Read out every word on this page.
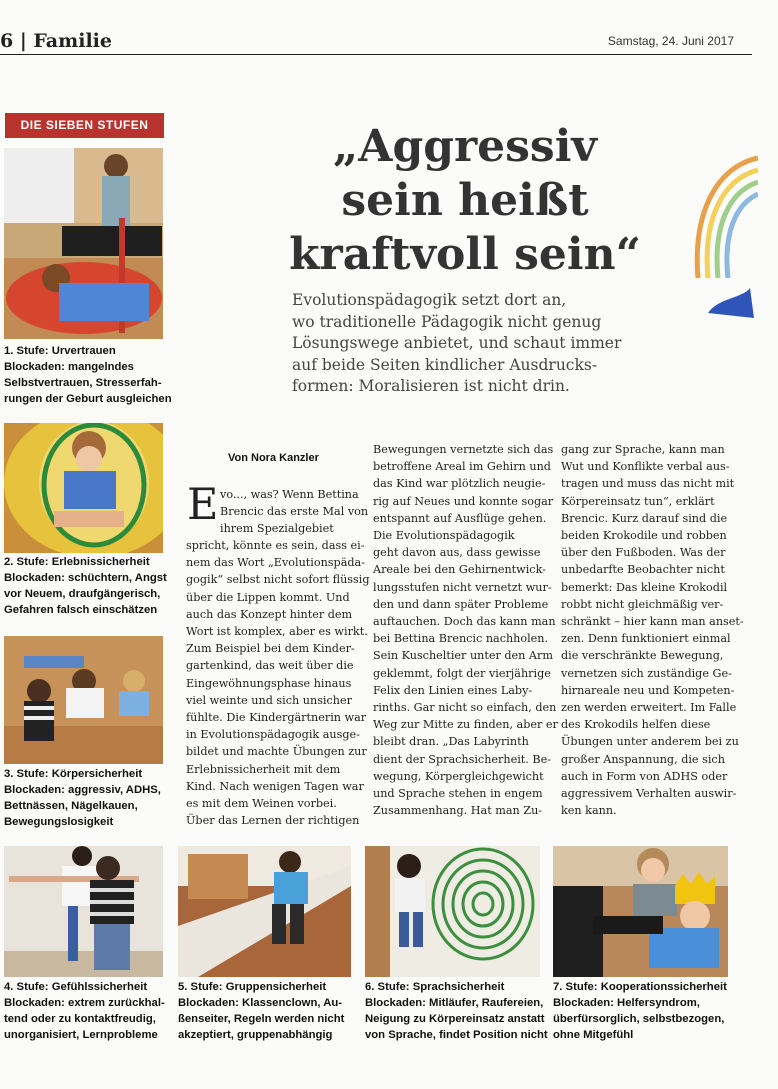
6 | Familie	Samstag, 24. Juni 2017
DIE SIEBEN STUFEN
1. Stufe: Urvertrauen
Blockaden: mangelndes
Selbstvertrauen, Stresserfah-
rungen der Geburt ausgleichen
2. Stufe: Erlebnissicherheit
Blockaden: schüchtern, Angst
vor Neuem, draufgängerisch,
Gefahren falsch einschätzen
3. Stufe: Körpersicherheit
Blockaden: aggressiv, ADHS,
Bettnässen, Nägelkauen,
Bewegungslosigkeit
4. Stufe: Gefühlssicherheit
Blockaden: extrem zurückhal-
tend oder zu kontaktfreudig,
unorganisiert, Lernprobleme
5. Stufe: Gruppensicherheit
Blockaden: Klassenclown, Au-
ßenseiter, Regeln werden nicht
akzeptiert, gruppenabhängig
6. Stufe: Sprachsicherheit
Blockaden: Mitläufer, Raufereien,
Neigung zu Körpereinsatz anstatt
von Sprache, findet Position nicht
7. Stufe: Kooperationssicherheit
Blockaden: Helfersyndrom,
überfürsorglich, selbstbezogen,
ohne Mitgefühl
„Aggressiv
sein heißt
kraftvoll sein“
Evolutionspädagogik setzt dort an,
wo traditionelle Pädagogik nicht genug
Lösungswege anbietet, und schaut immer
auf beide Seiten kindlicher Ausdrucks-
formen: Moralisieren ist nicht drin.
Von Nora Kanzler
E vo..., was? Wenn Bettina
Brencic das erste Mal von
ihrem Spezialgebiet
spricht, könnte es sein, dass ei-
nem das Wort „Evolutionspäda-
gogik“ selbst nicht sofort flüssig
über die Lippen kommt. Und
auch das Konzept hinter dem
Wort ist komplex, aber es wirkt.
Zum Beispiel bei dem Kinder-
gartenkind, das weit über die
Eingewöhnungsphase hinaus
viel weinte und sich unsicher
fühlte. Die Kindergärtnerin war
in Evolutionspädagogik ausge-
bildet und machte Übungen zur
Erlebnissicherheit mit dem
Kind. Nach wenigen Tagen war
es mit dem Weinen vorbei.
Über das Lernen der richtigen
Bewegungen vernetzte sich das
betroffene Areal im Gehirn und
das Kind war plötzlich neugie-
rig auf Neues und konnte sogar
entspannt auf Ausflüge gehen.
Die Evolutionspädagogik
geht davon aus, dass gewisse
Areale bei den Gehirnentwick-
lungsstufen nicht vernetzt wur-
den und dann später Probleme
auftauchen. Doch das kann man
bei Bettina Brencic nachholen.
Sein Kuscheltier unter den Arm
geklemmt, folgt der vierjährige
Felix den Linien eines Laby-
rinths. Gar nicht so einfach, den
Weg zur Mitte zu finden, aber er
bleibt dran. „Das Labyrinth
dient der Sprachsicherheit. Be-
wegung, Körpergleichgewicht
und Sprache stehen in engem
Zusammenhang. Hat man Zu-
gang zur Sprache, kann man
Wut und Konflikte verbal aus-
tragen und muss das nicht mit
Körpereinsatz tun“, erklärt
Brencic. Kurz darauf sind die
beiden Krokodile und robben
über den Fußboden. Was der
unbedarfte Beobachter nicht
bemerkt: Das kleine Krokodil
robbt nicht gleichmäßig ver-
schränkt – hier kann man anset-
zen. Denn funktioniert einmal
die verschränkte Bewegung,
vernetzen sich zuständige Ge-
hirnareale neu und Kompeten-
zen werden erweitert. Im Falle
des Krokodils helfen diese
Übungen unter anderem bei zu
großer Anspannung, die sich
auch in Form von ADHS oder
aggressivem Verhalten auswir-
ken kann.
